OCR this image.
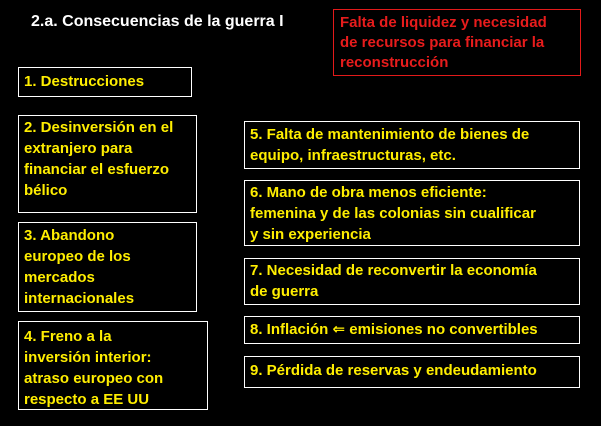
2.a. Consecuencias de la guerra I	Falta de liquidez y necesidad
de recursos para financiar la
reconstrucción
1. Destrucciones
2. Desinversión en el
extranjero para
financiar el esfuerzo
bélico
3. Abandono
europeo de los
mercados
internacionales
4. Freno a la
inversión interior:
atraso europeo con
respecto a EE UU
5. Falta de mantenimiento de bienes de
equipo, infraestructuras, etc.
6. Mano de obra menos eficiente:
femenina y de las colonias sin cualificar
y sin experiencia
7. Necesidad de reconvertir la economía
de guerra
8. Inflación ⇐ emisiones no convertibles
9. Pérdida de reservas y endeudamiento
